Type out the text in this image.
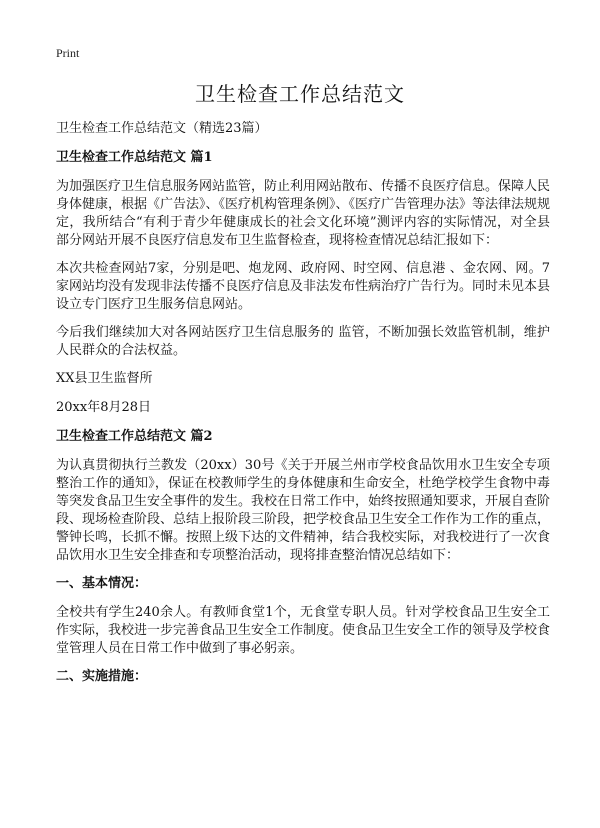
Print
卫生检查工作总结范文
卫生检查工作总结范文（精选23篇）
卫生检查工作总结范文 篇1
为加强医疗卫生信息服务网站监管，防止利用网站散布、传播不良医疗信息。保障人民身体健康，根据《广告法》、《医疗机构管理条例》、《医疗广告管理办法》等法律法规规定，我所结合“有利于青少年健康成长的社会文化环境”测评内容的实际情况，对全县部分网站开展不良医疗信息发布卫生监督检查，现将检查情况总结汇报如下：
本次共检查网站7家，分别是吧、炮龙网、政府网、时空网、信息港 、金农网、网。7家网站均没有发现非法传播不良医疗信息及非法发布性病治疗广告行为。同时未见本县设立专门医疗卫生服务信息网站。
今后我们继续加大对各网站医疗卫生信息服务的 监管，不断加强长效监管机制，维护人民群众的合法权益。
XX县卫生监督所
20xx年8月28日
卫生检查工作总结范文 篇2
为认真贯彻执行兰教发（20xx）30号《关于开展兰州市学校食品饮用水卫生安全专项整治工作的通知》，保证在校教师学生的身体健康和生命安全，杜绝学校学生食物中毒等突发食品卫生安全事件的发生。我校在日常工作中，始终按照通知要求，开展自查阶段、现场检查阶段、总结上报阶段三阶段，把学校食品卫生安全工作作为工作的重点，警钟长鸣，长抓不懈。按照上级下达的文件精神，结合我校实际，对我校进行了一次食品饮用水卫生安全排查和专项整治活动，现将排查整治情况总结如下：
一、基本情况：
全校共有学生240余人。有教师食堂1个，无食堂专职人员。针对学校食品卫生安全工作实际，我校进一步完善食品卫生安全工作制度。使食品卫生安全工作的领导及学校食堂管理人员在日常工作中做到了事必躬亲。
二、实施措施：
